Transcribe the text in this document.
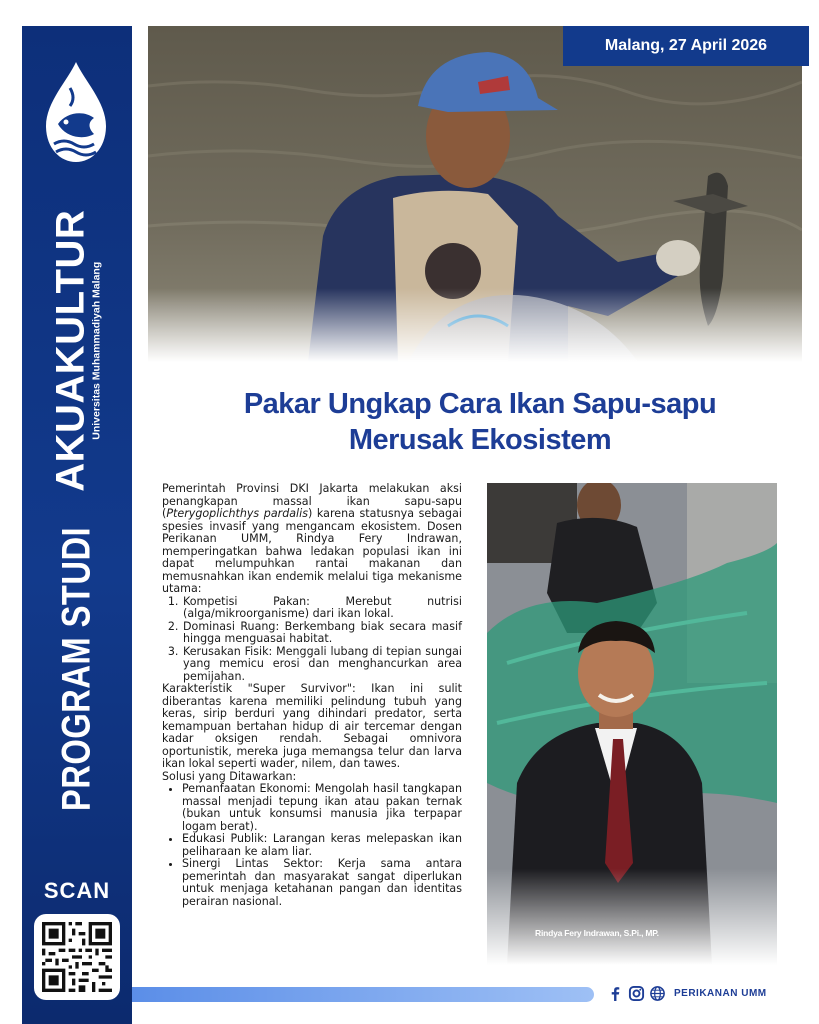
PROGRAM STUDI
AKUAKULTUR
Universitas Muhammadiyah Malang
SCAN
Malang, 27 April 2026
Pakar Ungkap Cara Ikan Sapu-sapu
Merusak Ekosistem

Pemerintah Provinsi DKI Jakarta melakukan aksi penangkapan massal ikan sapu-sapu (Pterygoplichthys pardalis) karena statusnya sebagai spesies invasif yang mengancam ekosistem. Dosen Perikanan UMM, Rindya Fery Indrawan, memperingatkan bahwa ledakan populasi ikan ini dapat melumpuhkan rantai makanan dan memusnahkan ikan endemik melalui tiga mekanisme utama:

1. Kompetisi Pakan: Merebut nutrisi (alga/mikroorganisme) dari ikan lokal.
2. Dominasi Ruang: Berkembang biak secara masif hingga menguasai habitat.
3. Kerusakan Fisik: Menggali lubang di tepian sungai yang memicu erosi dan menghancurkan area pemijahan.

Karakteristik "Super Survivor": Ikan ini sulit diberantas karena memiliki pelindung tubuh yang keras, sirip berduri yang dihindari predator, serta kemampuan bertahan hidup di air tercemar dengan kadar oksigen rendah. Sebagai omnivora oportunistik, mereka juga memangsa telur dan larva ikan lokal seperti wader, nilem, dan tawes.

Solusi yang Ditawarkan:

• Pemanfaatan Ekonomi: Mengolah hasil tangkapan massal menjadi tepung ikan atau pakan ternak (bukan untuk konsumsi manusia jika terpapar logam berat).
• Edukasi Publik: Larangan keras melepaskan ikan peliharaan ke alam liar.
• Sinergi Lintas Sektor: Kerja sama antara pemerintah dan masyarakat sangat diperlukan untuk menjaga ketahanan pangan dan identitas perairan nasional.
Rindya Fery Indrawan, S.Pi., MP.
PERIKANAN UMM
